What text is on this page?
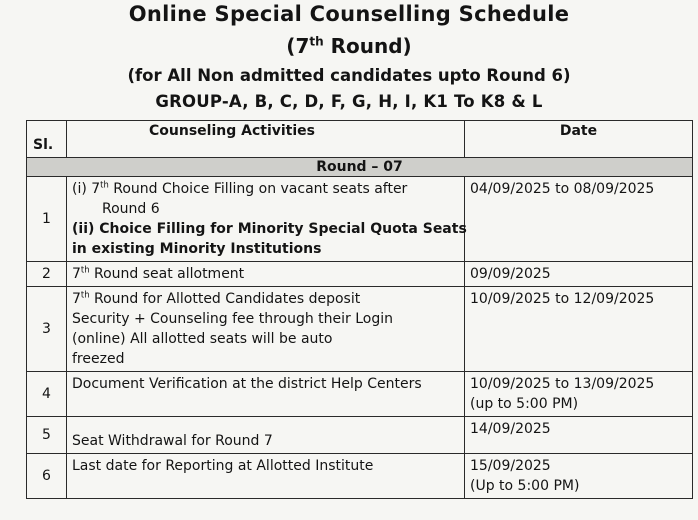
Online Special Counselling Schedule
(7th Round)
(for All Non admitted candidates upto Round 6)
GROUP-A, B, C, D, F, G, H, I, K1 To K8 & L
Sl.	Counseling Activities	Date
Round – 07		
1	(i) 7th Round Choice Filling on vacant seats after
Round 6
(ii) Choice Filling for Minority Special Quota Seats
in existing Minority Institutions	04/09/2025 to 08/09/2025

2	7th Round seat allotment	09/09/2025

3	7th Round for Allotted Candidates deposit
Security + Counseling fee through their Login
(online) All allotted seats will be auto
freezed	10/09/2025 to 12/09/2025

4	Document Verification at the district Help Centers	10/09/2025 to 13/09/2025
(up to 5:00 PM)

5	Seat Withdrawal for Round 7	14/09/2025

6	Last date for Reporting at Allotted Institute	15/09/2025
(Up to 5:00 PM)
